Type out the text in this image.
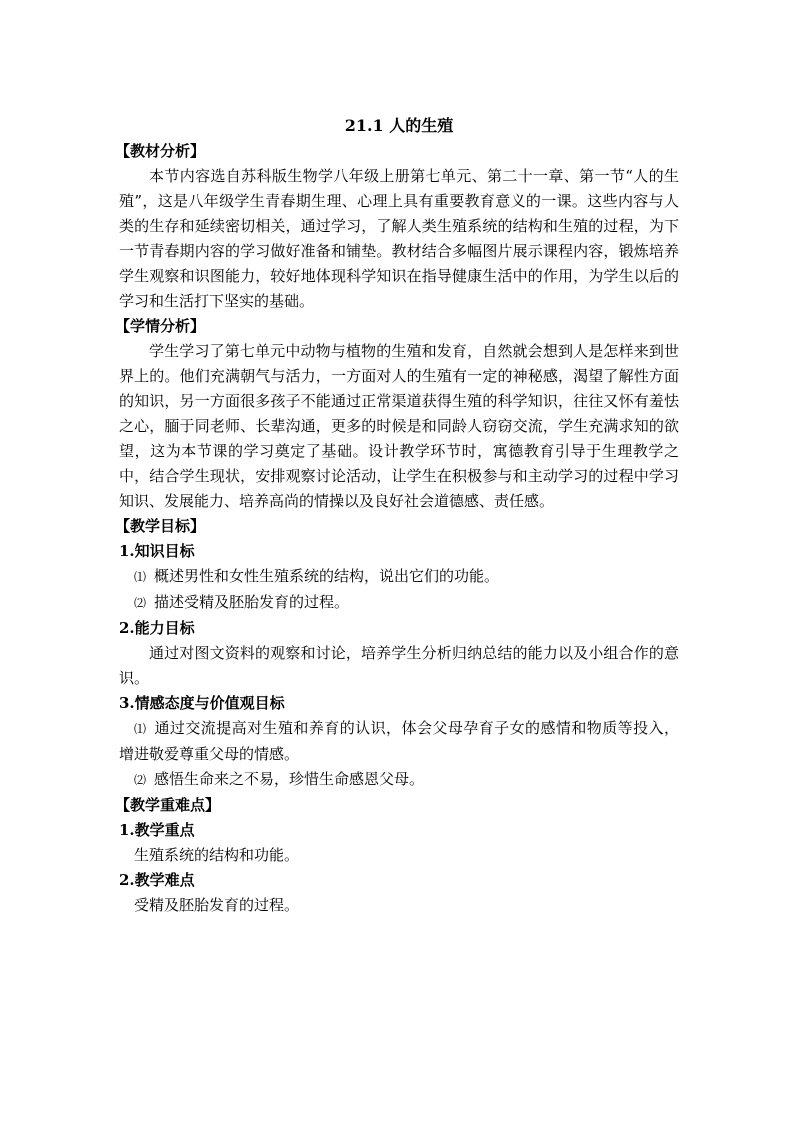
21.1 人的生殖
【教材分析】

本节内容选自苏科版生物学八年级上册第七单元、第二十一章、第一节“人的生殖”，这是八年级学生青春期生理、心理上具有重要教育意义的一课。这些内容与人类的生存和延续密切相关，通过学习，了解人类生殖系统的结构和生殖的过程，为下一节青春期内容的学习做好准备和铺垫。教材结合多幅图片展示课程内容，锻炼培养学生观察和识图能力，较好地体现科学知识在指导健康生活中的作用，为学生以后的学习和生活打下坚实的基础。

【学情分析】

学生学习了第七单元中动物与植物的生殖和发育，自然就会想到人是怎样来到世界上的。他们充满朝气与活力，一方面对人的生殖有一定的神秘感，渴望了解性方面的知识，另一方面很多孩子不能通过正常渠道获得生殖的科学知识，往往又怀有羞怯之心，腼于同老师、长辈沟通，更多的时候是和同龄人窃窃交流，学生充满求知的欲望，这为本节课的学习奠定了基础。设计教学环节时，寓德教育引导于生理教学之中，结合学生现状，安排观察讨论活动，让学生在积极参与和主动学习的过程中学习知识、发展能力、培养高尚的情操以及良好社会道德感、责任感。

【教学目标】
1.知识目标

⑴ 概述男性和女性生殖系统的结构，说出它们的功能。

⑵ 描述受精及胚胎发育的过程。

2.能力目标

通过对图文资料的观察和讨论，培养学生分析归纳总结的能力以及小组合作的意识。

3.情感态度与价值观目标

⑴ 通过交流提高对生殖和养育的认识，体会父母孕育子女的感情和物质等投入，增进敬爱尊重父母的情感。

⑵ 感悟生命来之不易，珍惜生命感恩父母。

【教学重难点】
1.教学重点

生殖系统的结构和功能。

2.教学难点

受精及胚胎发育的过程。
